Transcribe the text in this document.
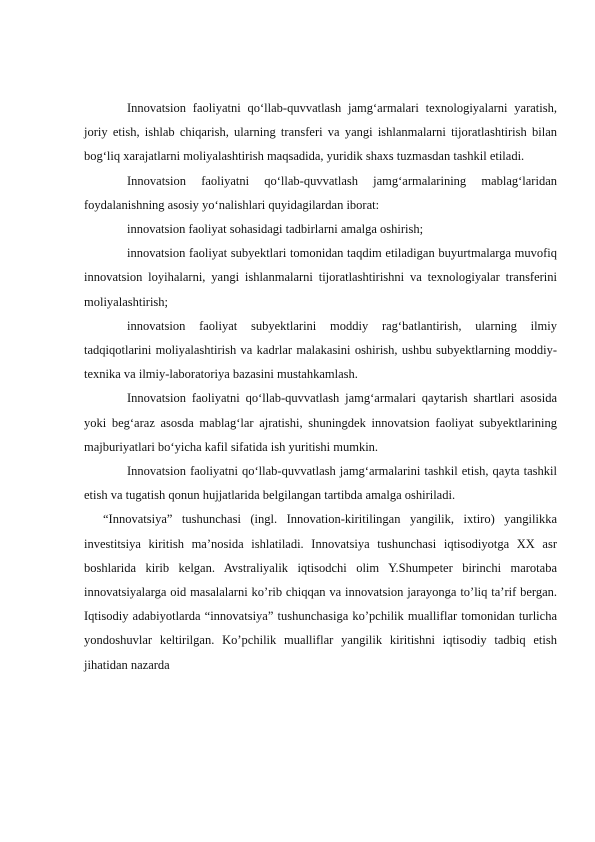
Innovatsion faoliyatni qo‘llab-quvvatlash jamg‘armalari texnologiyalarni yaratish, joriy etish, ishlab chiqarish, ularning transferi va yangi ishlanmalarni tijoratlashtirish bilan bog‘liq xarajatlarni moliyalashtirish maqsadida, yuridik shaxs tuzmasdan tashkil etiladi.

Innovatsion faoliyatni qo‘llab-quvvatlash jamg‘armalarining mablag‘laridan foydalanishning asosiy yo‘nalishlari quyidagilardan iborat:

innovatsion faoliyat sohasidagi tadbirlarni amalga oshirish;

innovatsion faoliyat subyektlari tomonidan taqdim etiladigan buyurtmalarga muvofiq innovatsion loyihalarni, yangi ishlanmalarni tijoratlashtirishni va texnologiyalar transferini moliyalashtirish;

innovatsion faoliyat subyektlarini moddiy rag‘batlantirish, ularning ilmiy tadqiqotlarini moliyalashtirish va kadrlar malakasini oshirish, ushbu subyektlarning moddiy-texnika va ilmiy-laboratoriya bazasini mustahkamlash.

Innovatsion faoliyatni qo‘llab-quvvatlash jamg‘armalari qaytarish shartlari asosida yoki beg‘araz asosda mablag‘lar ajratishi, shuningdek innovatsion faoliyat subyektlarining majburiyatlari bo‘yicha kafil sifatida ish yuritishi mumkin.

Innovatsion faoliyatni qo‘llab-quvvatlash jamg‘armalarini tashkil etish, qayta tashkil etish va tugatish qonun hujjatlarida belgilangan tartibda amalga oshiriladi.

“Innovatsiya” tushunchasi (ingl. Innovation-kiritilingan yangilik, ixtiro) yangilikka investitsiya kiritish ma’nosida ishlatiladi. Innovatsiya tushunchasi iqtisodiyotga XX asr boshlarida kirib kelgan. Avstraliyalik iqtisodchi olim Y.Shumpeter birinchi marotaba innovatsiyalarga oid masalalarni ko’rib chiqqan va innovatsion jarayonga to’liq ta’rif bergan. Iqtisodiy adabiyotlarda “innovatsiya” tushunchasiga ko’pchilik mualliflar tomonidan turlicha yondoshuvlar keltirilgan. Ko’pchilik mualliflar yangilik kiritishni iqtisodiy tadbiq etish jihatidan nazarda
